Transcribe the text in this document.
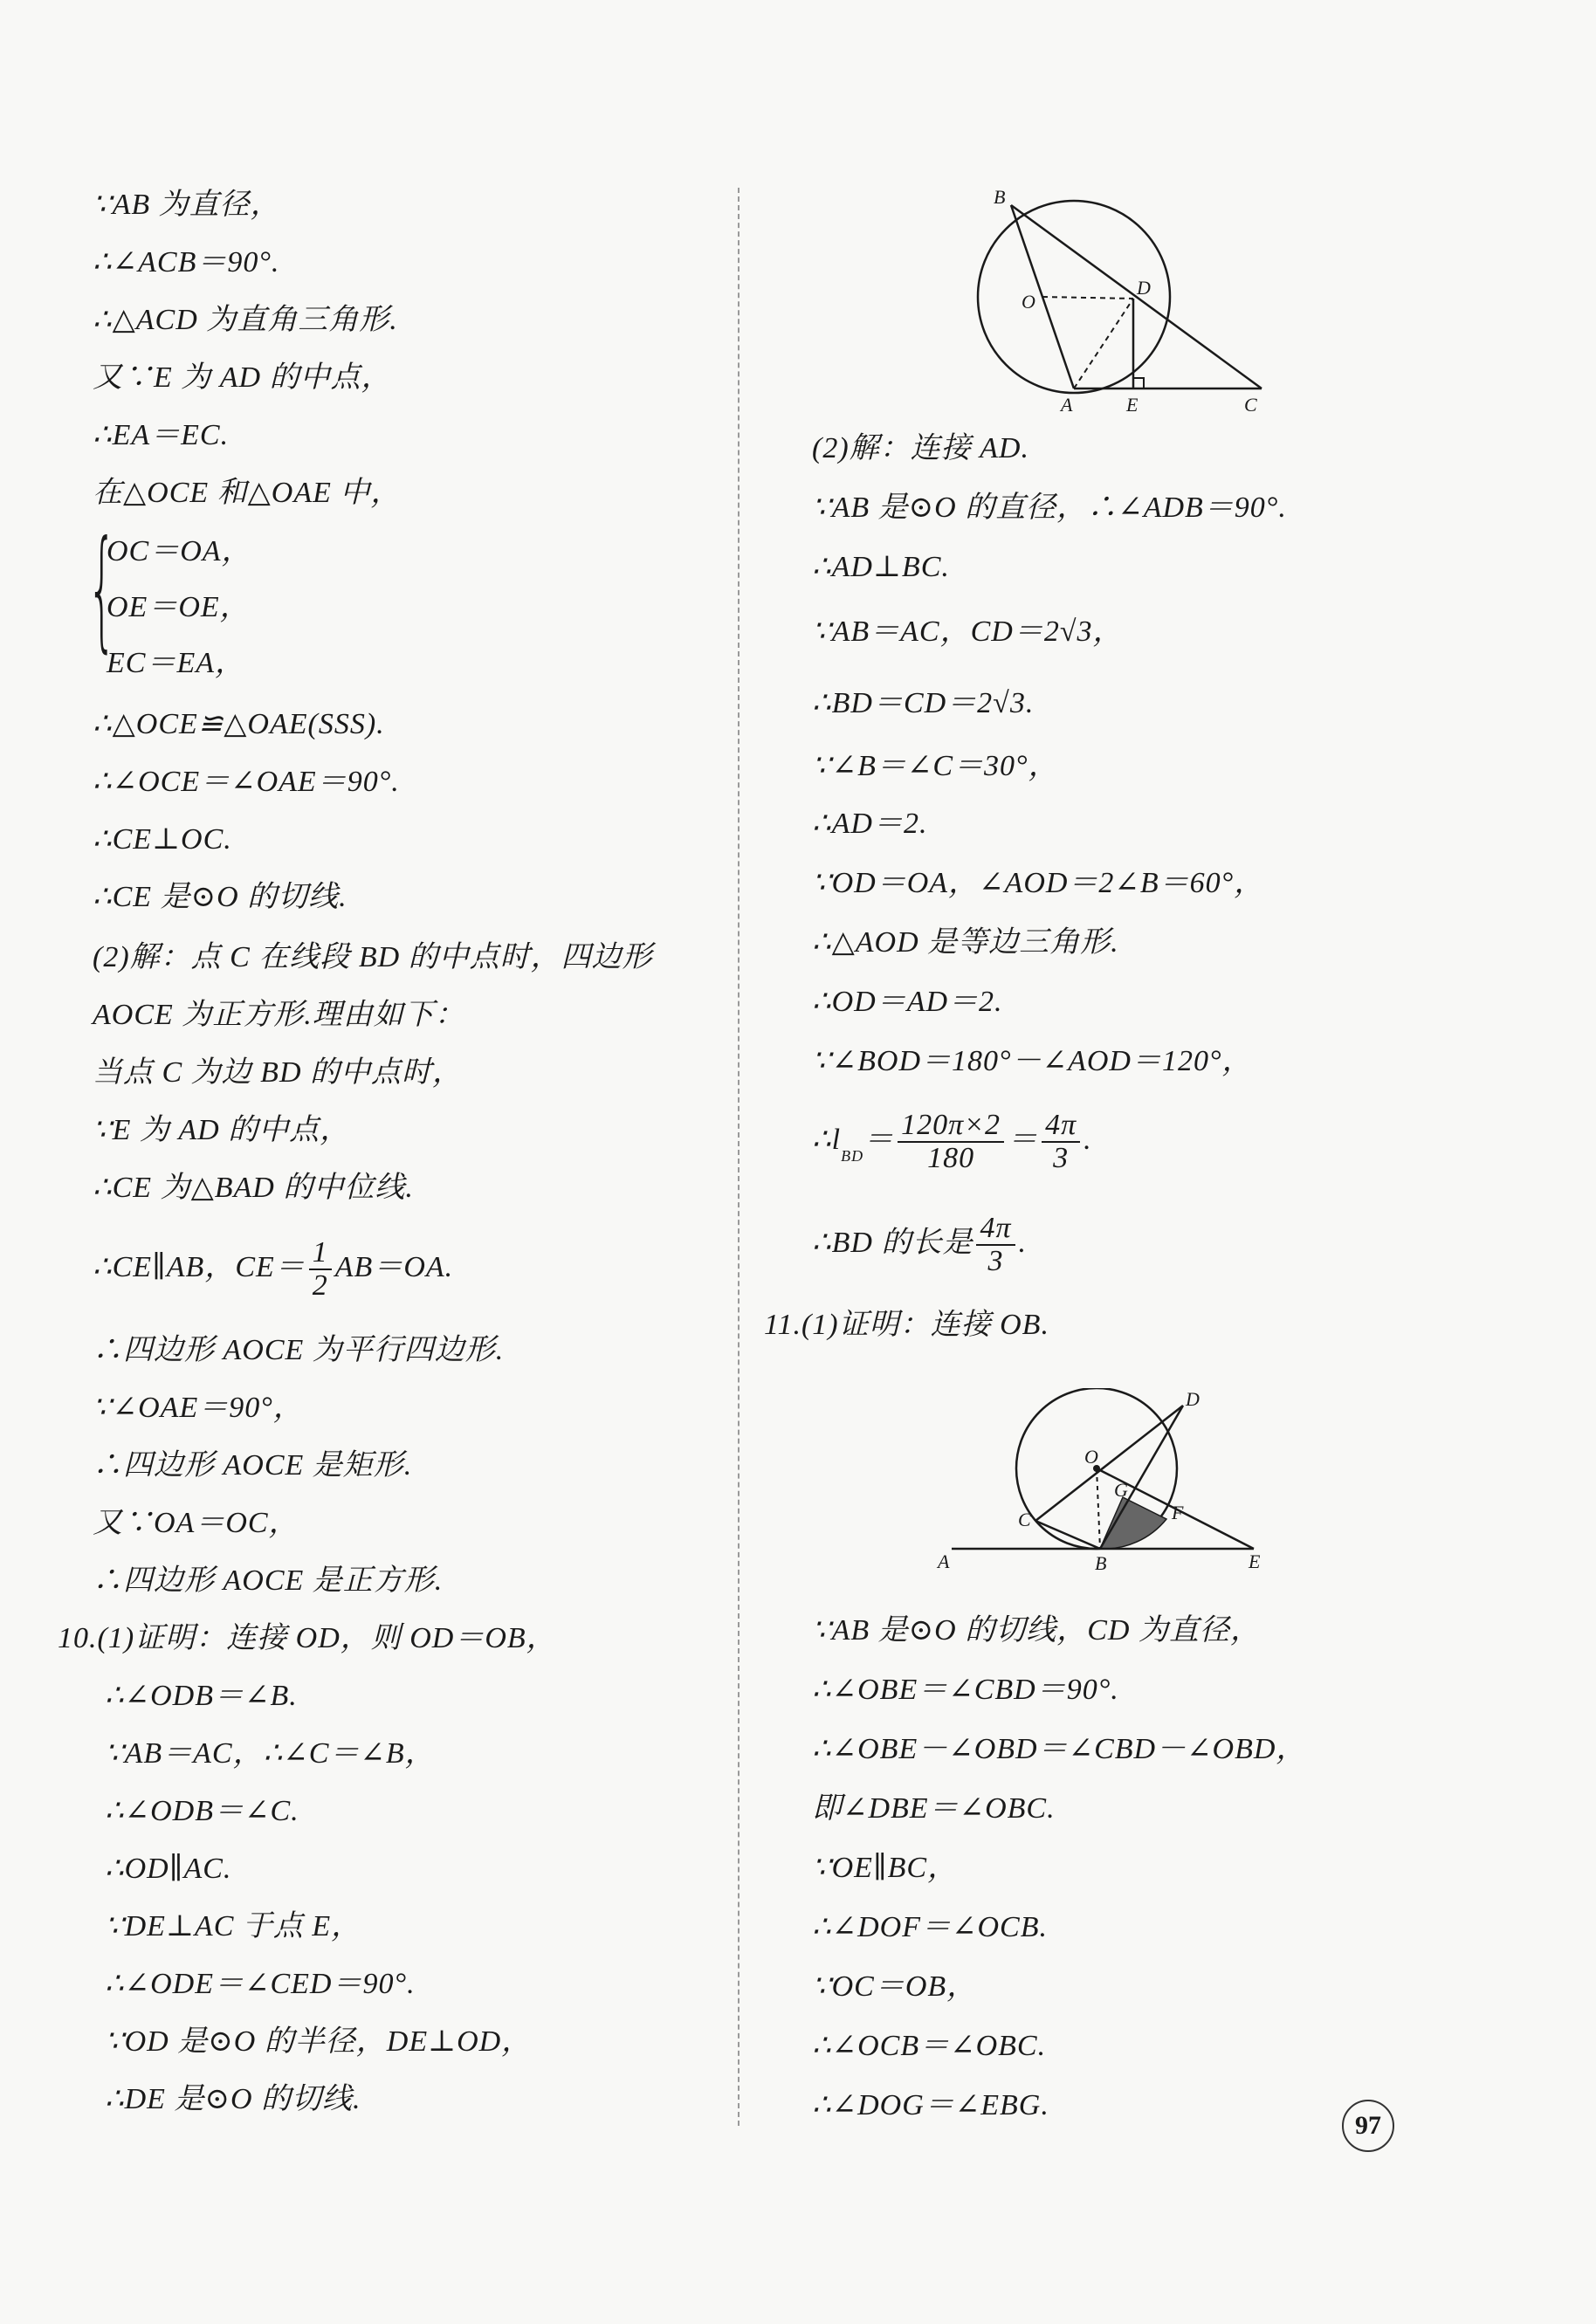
∵AB 为直径，
∴∠ACB＝90°.
∴△ACD 为直角三角形.
又∵E 为 AD 的中点，
∴EA＝EC.
在△OCE 和△OAE 中，
{
OC＝OA，
OE＝OE，
EC＝EA，
∴△OCE≌△OAE(SSS).
∴∠OCE＝∠OAE＝90°.
∴CE⊥OC.
∴CE 是⊙O 的切线.
(2)解：点 C 在线段 BD 的中点时，四边形
AOCE 为正方形.理由如下：
当点 C 为边 BD 的中点时，
∵E 为 AD 的中点，
∴CE 为△BAD 的中位线.
∴CE∥AB，$CE= \frac{1}{2} AB=OA$.
∴四边形 AOCE 为平行四边形.
∵∠OAE＝90°，
∴四边形 AOCE 是矩形.
又∵OA＝OC，
∴四边形 AOCE 是正方形.
10.(1)证明：连接 OD，则 OD＝OB，
∴∠ODB＝∠B.
∵AB＝AC，∴∠C＝∠B，
∴∠ODB＝∠C.
∴OD∥AC.
∵DE⊥AC 于点 E，
∴∠ODE＝∠CED＝90°.
∵OD 是⊙O 的半径，DE⊥OD，
∴DE 是⊙O 的切线.
B
D
O
A	E	C
(2)解：连接 AD.
∵AB 是⊙O 的直径，∴∠ADB＝90°.
∴AD⊥BC.
∵AB＝AC，CD＝2√3，
∴BD＝CD＝2√3.
∵∠B＝∠C＝30°，
∴AD＝2.
∵OD＝OA，∠AOD＝2∠B＝60°，
∴△AOD 是等边三角形.
∴OD＝AD＝2.
∵∠BOD＝180°－∠AOD＝120°，
$\therefore l_{BD}= \frac{120\pi\times 2}{180} = \frac{4\pi}{3}$ .
∴BD 的长是 $\frac{4\pi}{3}$ .
11.(1)证明：连接 OB.
D
O
G
F
C
A	B	E
∵AB 是⊙O 的切线，CD 为直径，
∴∠OBE＝∠CBD＝90°.
∴∠OBE－∠OBD＝∠CBD－∠OBD，
即∠DBE＝∠OBC.
∵OE∥BC，
∴∠DOF＝∠OCB.
∵OC＝OB，
∴∠OCB＝∠OBC.
∴∠DOG＝∠EBG.
97
